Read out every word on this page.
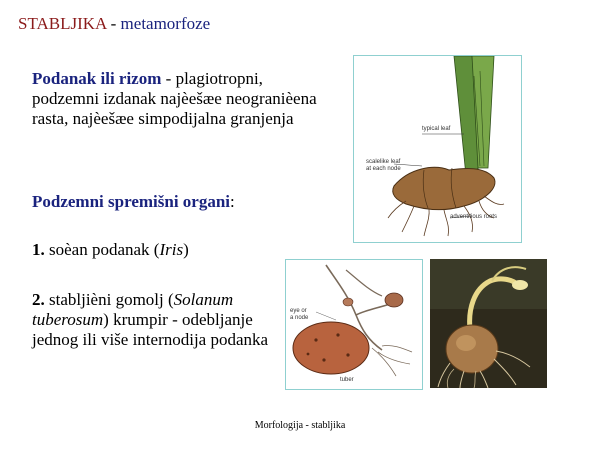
STABLJIKA - metamorfoze
Podanak ili rizom - plagiotropni, podzemni izdanak najèešæe neogranièena rasta, najèešæe simpodijalna granjenja
Podzemni spremišni organi:
1. soèan podanak (Iris)
2. stabljièni gomolj (Solanum tuberosum) krumpir - odebljanje jednog ili više internodija podanka
typical leaf
scalelike leaf
at each node
adventitious roots
eye or
a node
tuber
Morfologija - stabljika
